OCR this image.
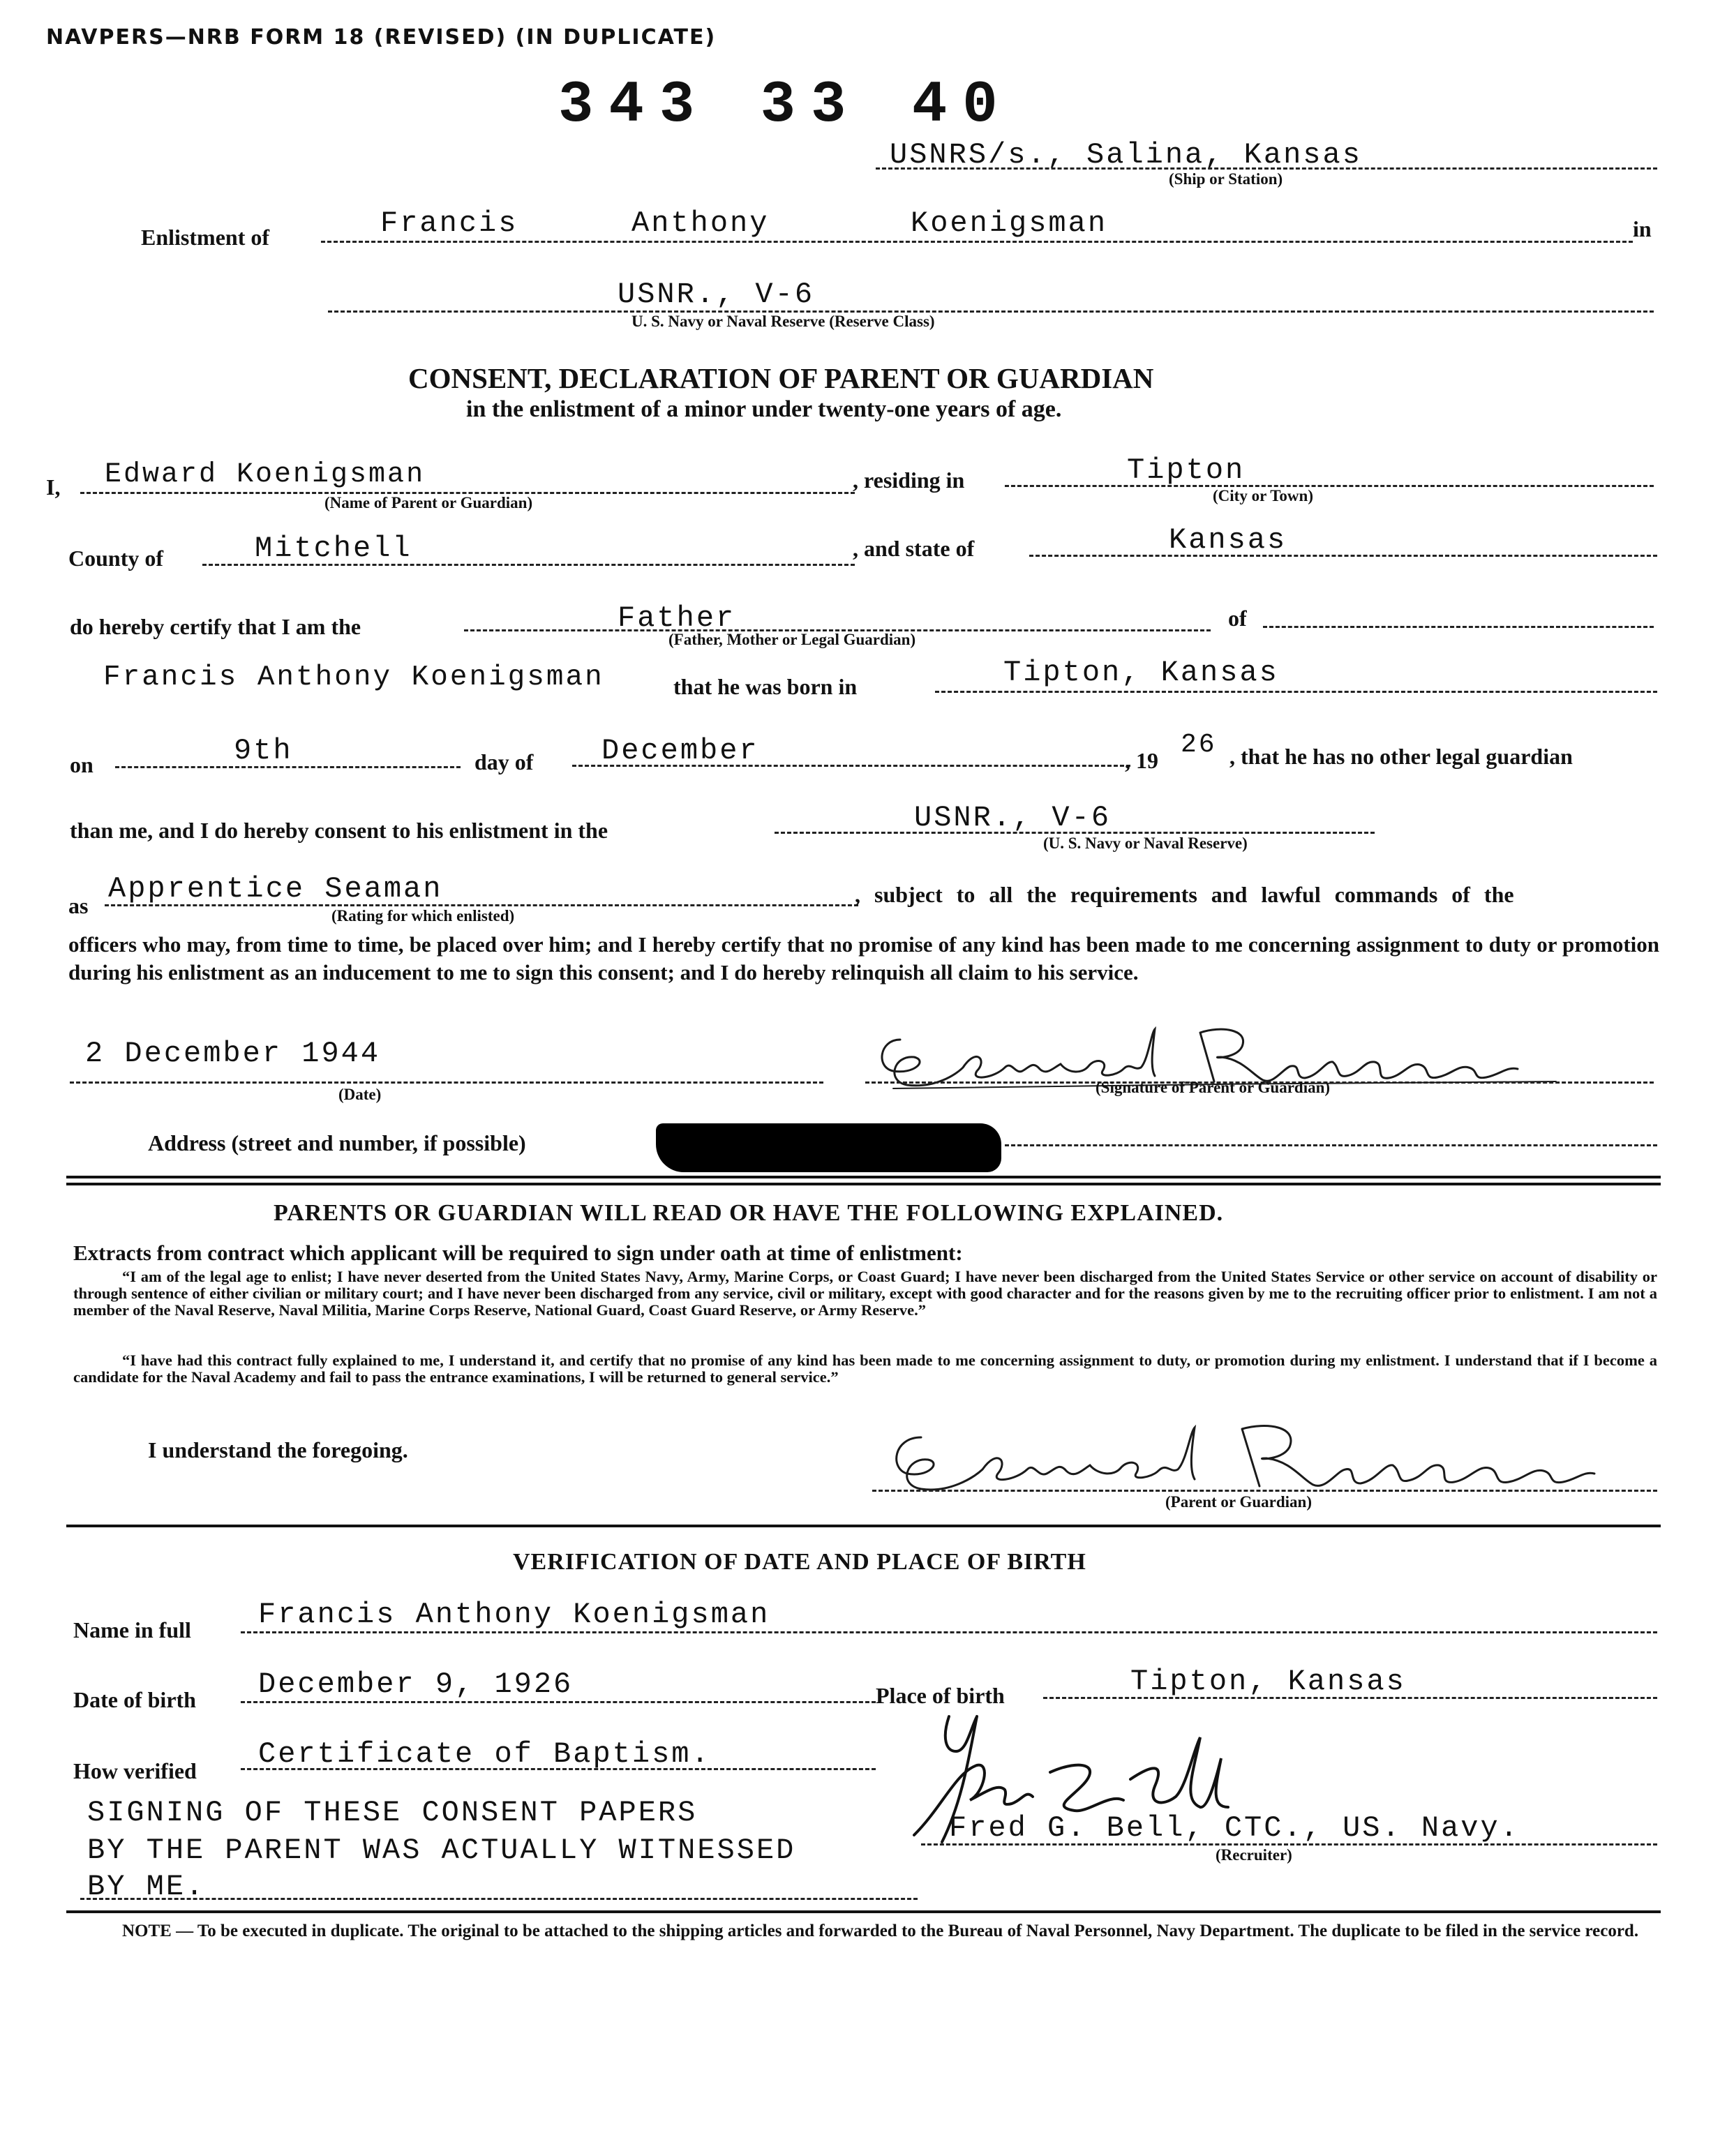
NAVPERS—NRB FORM 18 (REVISED) (IN DUPLICATE)
343 33 40
USNRS/s., Salina, Kansas
(Ship or Station)
Enlistment of	Francis	Anthony	Koenigsman	in
USNR., V-6
U. S. Navy or Naval Reserve (Reserve Class)
CONSENT, DECLARATION OF PARENT OR GUARDIAN
in the enlistment of a minor under twenty-one years of age.
I, Edward Koenigsman
(Name of Parent or Guardian)
, residing in	Tipton
(City or Town)
County of	Mitchell	, and state of	Kansas
do hereby certify that I am the	Father
(Father, Mother or Legal Guardian)
of
Francis Anthony Koenigsman	that he was born in	Tipton, Kansas
on	9th	day of December	, 19
26 , that he has no other legal guardian
than me, and I do hereby consent to his enlistment in the	USNR., V-6
(U. S. Navy or Naval Reserve)
as Apprentice Seaman
(Rating for which enlisted)
, subject to all the requirements and lawful commands of the
officers who may, from time to time, be placed over him; and I hereby certify that no promise of any kind has been made to me concerning assignment to duty or promotion during his enlistment as an inducement to me to sign this consent; and I do hereby relinquish all claim to his service.
2 December 1944
(Date)	(Signature of Parent or Guardian)
Address (street and number, if possible)
PARENTS OR GUARDIAN WILL READ OR HAVE THE FOLLOWING EXPLAINED.
Extracts from contract which applicant will be required to sign under oath at time of enlistment:
“I am of the legal age to enlist; I have never deserted from the United States Navy, Army, Marine Corps, or Coast Guard; I have never been discharged from the United States Service or other service on account of disability or through sentence of either civilian or military court; and I have never been discharged from any service, civil or military, except with good character and for the reasons given by me to the recruiting officer prior to enlistment. I am not a member of the Naval Reserve, Naval Militia, Marine Corps Reserve, National Guard, Coast Guard Reserve, or Army Reserve.”
“I have had this contract fully explained to me, I understand it, and certify that no promise of any kind has been made to me concerning assignment to duty, or promotion during my enlistment. I understand that if I become a candidate for the Naval Academy and fail to pass the entrance examinations, I will be returned to general service.”
I understand the foregoing.
(Parent or Guardian)
VERIFICATION OF DATE AND PLACE OF BIRTH
Name in full Francis Anthony Koenigsman
Date of birth December 9, 1926	Place of birth	Tipton, Kansas
How verified Certificate of Baptism.
SIGNING OF THESE CONSENT PAPERS
BY THE PARENT WAS ACTUALLY WITNESSED
BY ME.
Fred G. Bell, CTC., US. Navy.
(Recruiter)
NOTE — To be executed in duplicate. The original to be attached to the shipping articles and forwarded to the Bureau of Naval Personnel, Navy Department. The duplicate to be filed in the service record.
